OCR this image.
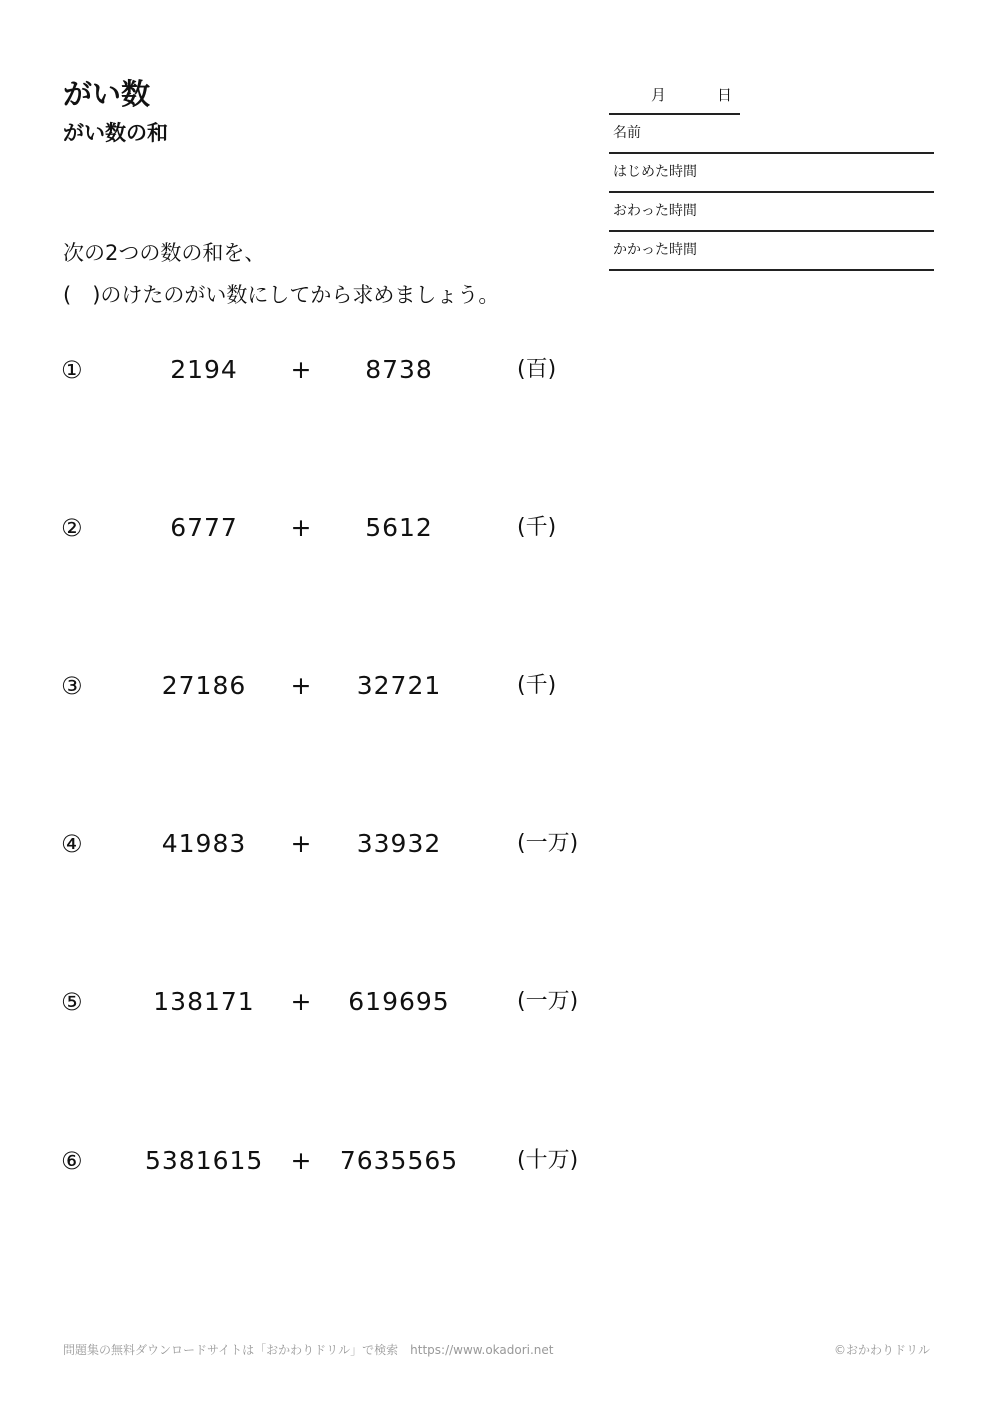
がい数
がい数の和
月	日
名前
はじめた時間
おわった時間
かかった時間
次の2つの数の和を、
(　)のけたのがい数にしてから求めましょう。
①	2194	+	8738	(百)
②	6777	+	5612	(千)
③	27186	+	32721	(千)
④	41983	+	33932	(一万)
⑤	138171	+	619695	(一万)
⑥ 5381615 + 7635565	(十万)
問題集の無料ダウンロードサイトは「おかわりドリル」で検索　https://www.okadori.net	©おかわりドリル
